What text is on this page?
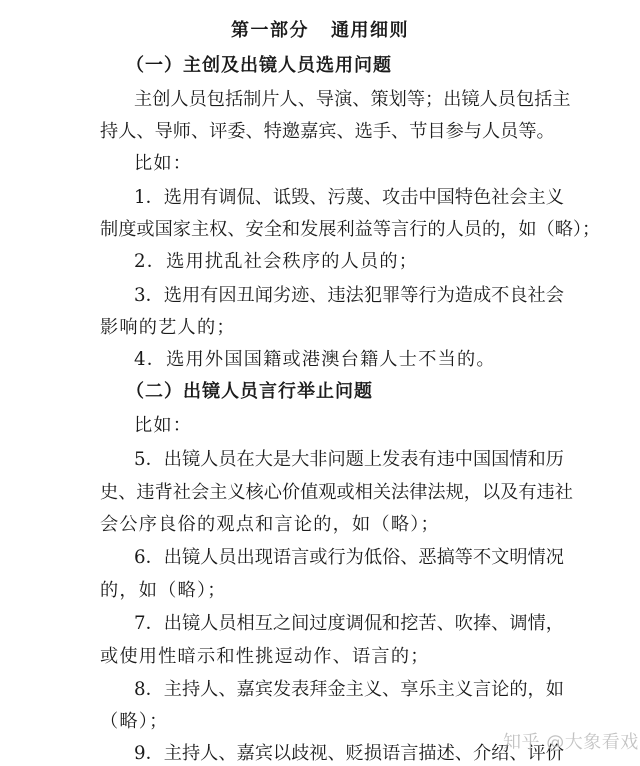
第一部分 通用细则
（一）主创及出镜人员选用问题
主创人员包括制片人、导演、策划等；出镜人员包括主
持人、导师、评委、特邀嘉宾、选手、节目参与人员等。
比如：
1．选用有调侃、诋毁、污蔑、攻击中国特色社会主义
制度或国家主权、安全和发展利益等言行的人员的，如（略）；
2．选用扰乱社会秩序的人员的；
3．选用有因丑闻劣迹、违法犯罪等行为造成不良社会
影响的艺人的；
4．选用外国国籍或港澳台籍人士不当的。
（二）出镜人员言行举止问题
比如：
5．出镜人员在大是大非问题上发表有违中国国情和历
史、违背社会主义核心价值观或相关法律法规，以及有违社
会公序良俗的观点和言论的，如（略）；
6．出镜人员出现语言或行为低俗、恶搞等不文明情况
的，如（略）；
7．出镜人员相互之间过度调侃和挖苦、吹捧、调情，
或使用性暗示和性挑逗动作、语言的；
8．主持人、嘉宾发表拜金主义、享乐主义言论的，如
（略）；
9．主持人、嘉宾以歧视、贬损语言描述、介绍、评价
知乎 @大象看戏
